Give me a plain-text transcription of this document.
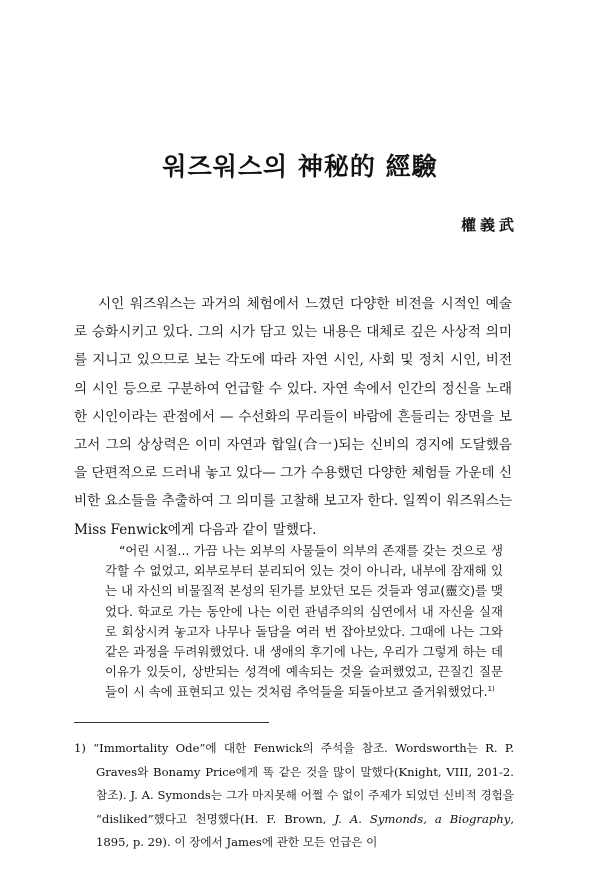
워즈워스의 神秘的 經驗
權義武

시인 워즈워스는 과거의 체험에서 느꼈던 다양한 비전을 시적인 예술로 승화시키고 있다. 그의 시가 담고 있는 내용은 대체로 깊은 사상적 의미를 지니고 있으므로 보는 각도에 따라 자연 시인, 사회 및 정치 시인, 비전의 시인 등으로 구분하여 언급할 수 있다. 자연 속에서 인간의 정신을 노래한 시인이라는 관점에서 — 수선화의 무리들이 바람에 흔들리는 장면을 보고서 그의 상상력은 이미 자연과 합일(合一)되는 신비의 경지에 도달했음을 단편적으로 드러내 놓고 있다— 그가 수용했던 다양한 체험들 가운데 신비한 요소들을 추출하여 그 의미를 고찰해 보고자 한다. 일찍이 워즈워스는 Miss Fenwick에게 다음과 같이 말했다.

“어린 시절... 가끔 나는 외부의 사물들이 의부의 존재를 갖는 것으로 생각할 수 없었고, 외부로부터 분리되어 있는 것이 아니라, 내부에 잠재해 있는 내 자신의 비물질적 본성의 된가를 보았던 모든 것들과 영교(靈交)를 맺었다. 학교로 가는 동안에 나는 이런 관념주의의 심연에서 내 자신을 실재로 회상시켜 놓고자 나무나 돌담을 여러 번 잡아보았다. 그때에 나는 그와 같은 과정을 두려워했었다. 내 생애의 후기에 나는, 우리가 그렇게 하는 데 이유가 있듯이, 상반되는 성격에 예속되는 것을 슬퍼했었고, 끈질긴 질문들이 시 속에 표현되고 있는 것처럼 추억들을 되돌아보고 즐거워했었다.$^{1)}$

1) “Immortality Ode”에 대한 Fenwick의 주석을 참조. Wordsworth는 R. P. Graves와 Bonamy Price에게 똑 같은 것을 많이 말했다(Knight, VIII, 201-2. 참조). J. A. Symonds는 그가 마지못해 어쩔 수 없이 주제가 되었던 신비적 경험을 “disliked”했다고 천명했다(H. F. Brown, J. A. Symonds, a Biography, 1895, p. 29). 이 장에서 James에 관한 모든 언급은 이
